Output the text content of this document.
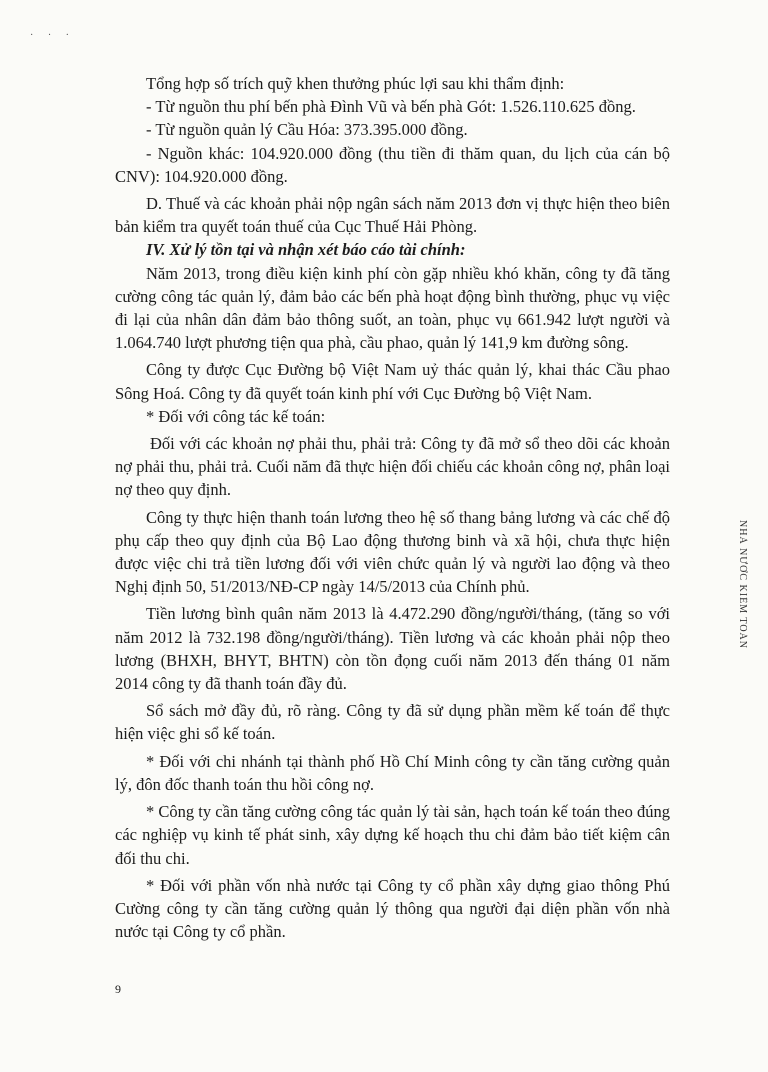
· · ·

Tổng hợp số trích quỹ khen thưởng phúc lợi sau khi thẩm định:

- Từ nguồn thu phí bến phà Đình Vũ và bến phà Gót: 1.526.110.625 đồng.

- Từ nguồn quản lý Cầu Hóa: 373.395.000 đồng.

- Nguồn khác: 104.920.000 đồng (thu tiền đi thăm quan, du lịch của cán bộ CNV): 104.920.000 đồng.

D. Thuế và các khoản phải nộp ngân sách năm 2013 đơn vị thực hiện theo biên bản kiểm tra quyết toán thuế của Cục Thuế Hải Phòng.

IV. Xử lý tồn tại và nhận xét báo cáo tài chính:

Năm 2013, trong điều kiện kinh phí còn gặp nhiều khó khăn, công ty đã tăng cường công tác quản lý, đảm bảo các bến phà hoạt động bình thường, phục vụ việc đi lại của nhân dân đảm bảo thông suốt, an toàn, phục vụ 661.942 lượt người và 1.064.740 lượt phương tiện qua phà, cầu phao, quản lý 141,9 km đường sông.

Công ty được Cục Đường bộ Việt Nam uỷ thác quản lý, khai thác Cầu phao Sông Hoá. Công ty đã quyết toán kinh phí với Cục Đường bộ Việt Nam.

* Đối với công tác kế toán:

Đối với các khoản nợ phải thu, phải trả: Công ty đã mở sổ theo dõi các khoản nợ phải thu, phải trả. Cuối năm đã thực hiện đối chiếu các khoản công nợ, phân loại nợ theo quy định.

Công ty thực hiện thanh toán lương theo hệ số thang bảng lương và các chế độ phụ cấp theo quy định của Bộ Lao động thương binh và xã hội, chưa thực hiện được việc chi trả tiền lương đối với viên chức quản lý và người lao động và theo Nghị định 50, 51/2013/NĐ-CP ngày 14/5/2013 của Chính phủ.

Tiền lương bình quân năm 2013 là 4.472.290 đồng/người/tháng, (tăng so với năm 2012 là 732.198 đồng/người/tháng). Tiền lương và các khoản phải nộp theo lương (BHXH, BHYT, BHTN) còn tồn đọng cuối năm 2013 đến tháng 01 năm 2014 công ty đã thanh toán đầy đủ.

Sổ sách mở đầy đủ, rõ ràng. Công ty đã sử dụng phần mềm kế toán để thực hiện việc ghi sổ kế toán.

* Đối với chi nhánh tại thành phố Hồ Chí Minh công ty cần tăng cường quản lý, đôn đốc thanh toán thu hồi công nợ.

* Công ty cần tăng cường công tác quản lý tài sản, hạch toán kế toán theo đúng các nghiệp vụ kinh tế phát sinh, xây dựng kế hoạch thu chi đảm bảo tiết kiệm cân đối thu chi.

* Đối với phần vốn nhà nước tại Công ty cổ phần xây dựng giao thông Phú Cường công ty cần tăng cường quản lý thông qua người đại diện phần vốn nhà nước tại Công ty cổ phần.

9
NHÀ NƯỚC KIỂM TOÁN
